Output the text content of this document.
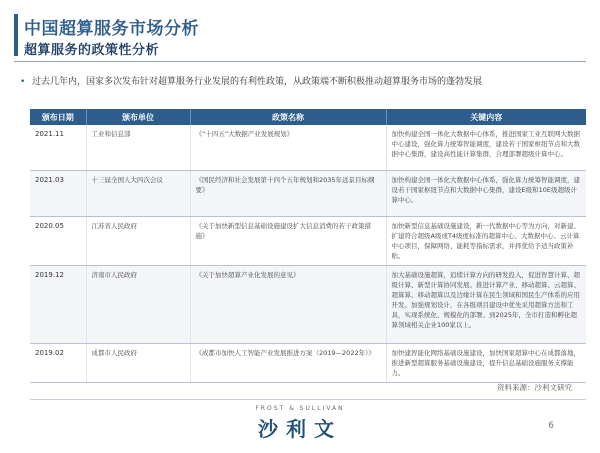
中国超算服务市场分析
超算服务的政策性分析
• 过去几年内，国家多次发布针对超算服务行业发展的有利性政策，从政策端不断积极推动超算服务市场的蓬勃发展
颁布日期	颁布单位	政策名称	关键内容
2021.11	工业和信息部	《“十四五”大数据产业发展规划》	加快构建全国一体化大数据中心体系，推进国家工业互联网大数据中心建设，强化算力统筹智能调度，建设若干国家枢纽节点和大数据中心集群，建设高性能计算集群，合理部署超级计算中心。
2021.03	十三届全国人大四次会议	《国民经济和社会发展第十四个五年规划和2035年远景目标纲要》	加快构建全国一体化大数据中心体系，强化算力统筹智能调度，建设若干国家枢纽节点和大数据中心集群，建设E级和10E级超级计算中心。
2020.05	江苏省人民政府	《关于加快新型信息基础设施建设扩大信息消费的若干政策措施》	加快新型信息基础设施建设，新一代数据中心等为方向，对新建、扩建符合超级A级或T4级度标准的超算中心、大数据中心、云计算中心项目，保障网络、能耗等指标需求，并择优给予适当政策补贴。
2019.12	济南市人民政府	《关于加快超算产业化发展的意见》	加大基础设施超算，追续计算方向的研发投入，促进智慧计算、超级计算、新型计算协同发展。推进计算产业、移动超算、云超算、超算算、移动超算以及边缘计算在民生领域和国民生产体系的应用开发。加强规划设计，在各级项目建设中优先采用超算方法和工具，实现系统化、规模化的部署。到2025年，全市打造和孵化超算领域相关企业100家以上。
2019.02	成都市人民政府	《成都市加快人工智能产业发展推进方案（2019—2022年）》	加快建智能化网络基础设施建设，加快国家超算中心在成都落地，推进新型超算服务基础设施建设，提升信息基础设施服务支撑能力。
资料来源：沙利文研究
FROST & SULLIVAN
沙利文	6
